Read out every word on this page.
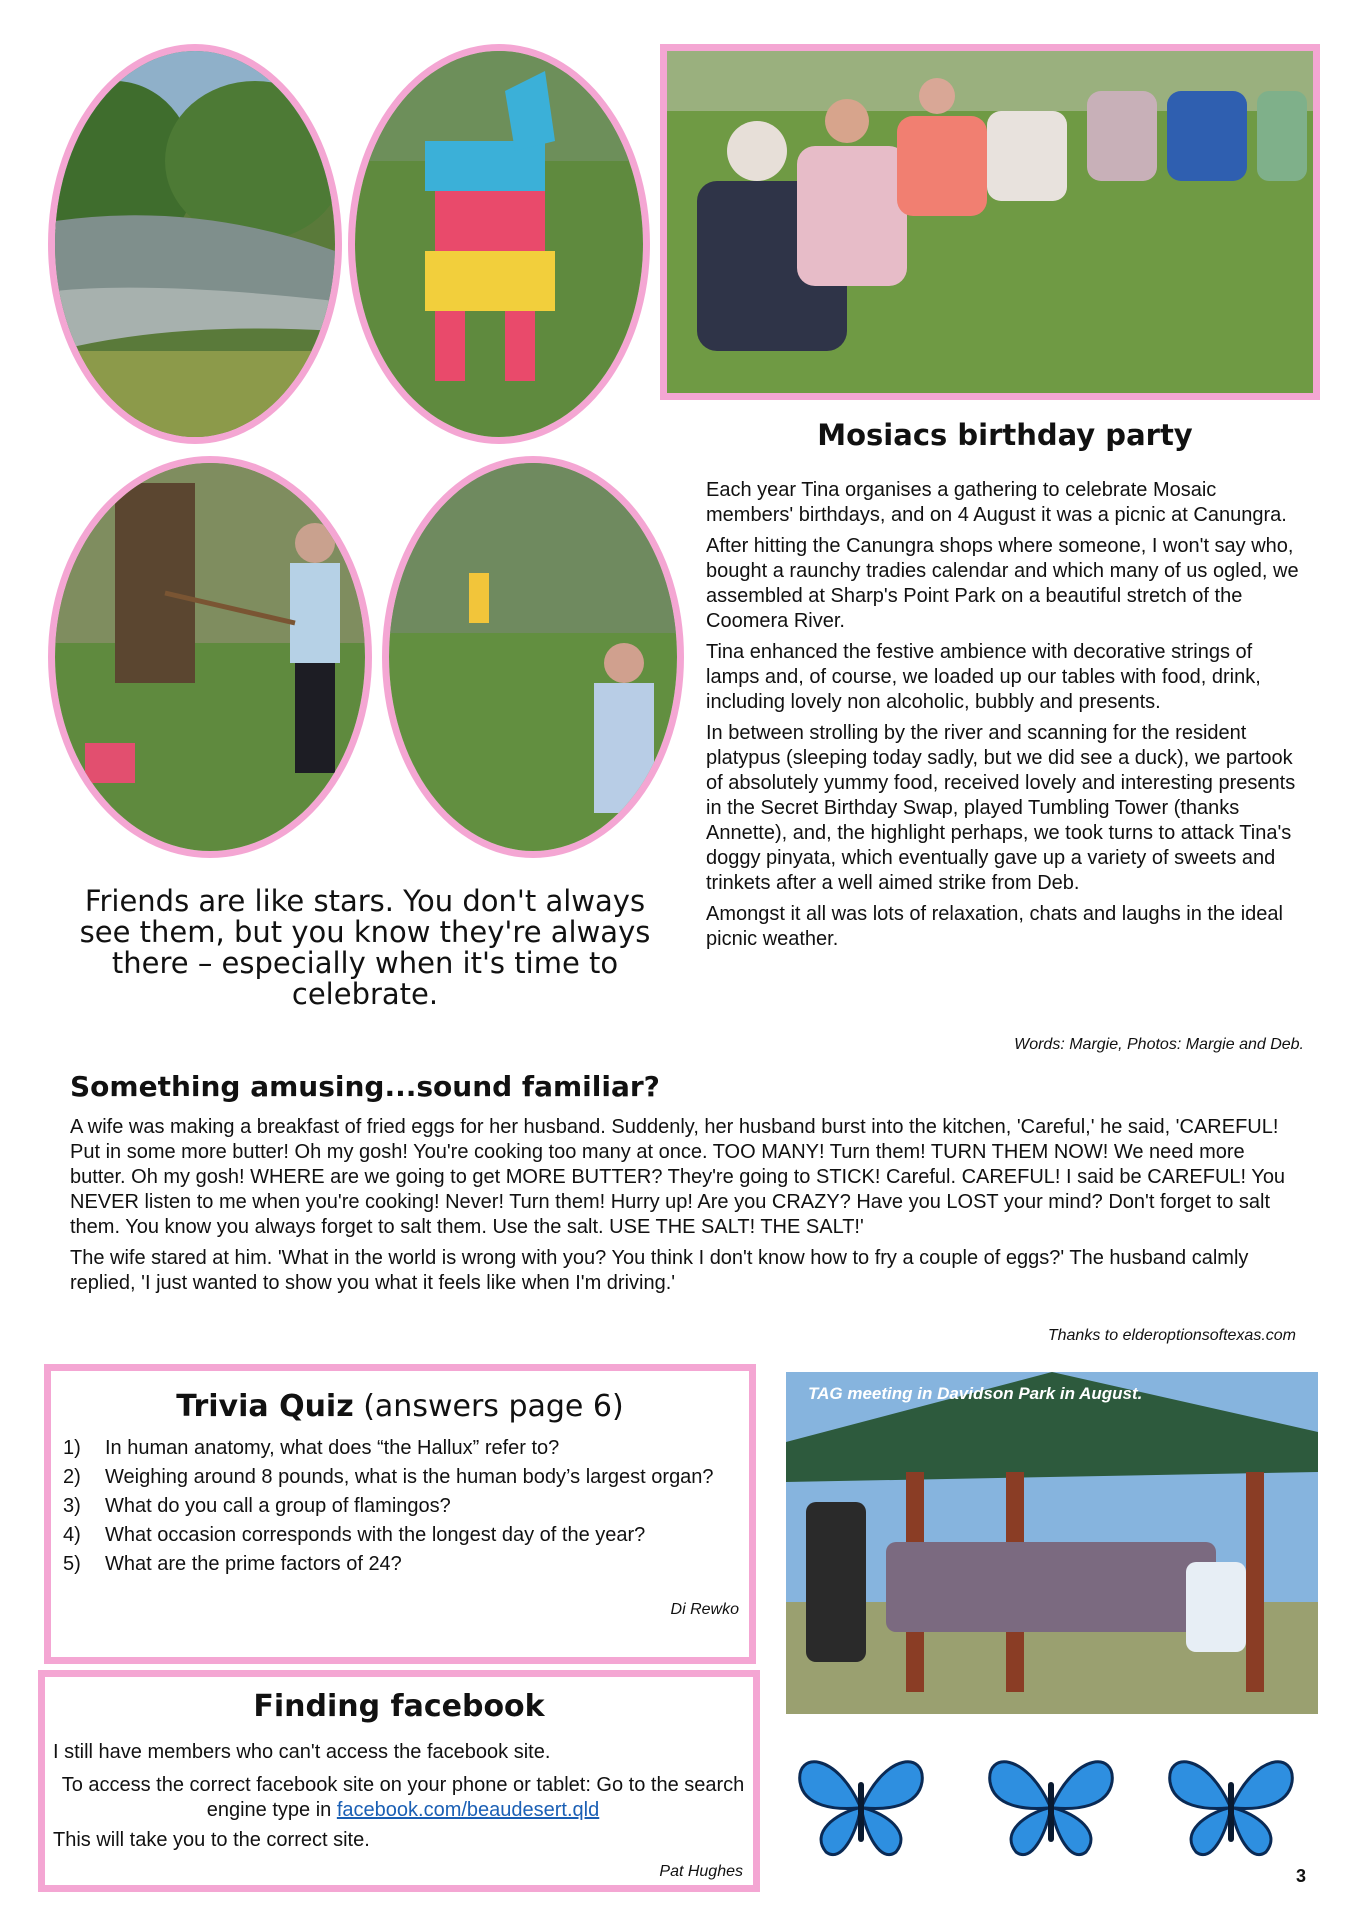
Mosiacs birthday party

Each year Tina organises a gathering to celebrate Mosaic members' birthdays, and on 4 August it was a picnic at Canungra.

After hitting the Canungra shops where someone, I won't say who, bought a raunchy tradies calendar and which many of us ogled, we assembled at Sharp's Point Park on a beautiful stretch of the Coomera River.

Tina enhanced the festive ambience with decorative strings of lamps and, of course, we loaded up our tables with food, drink, including lovely non alcoholic, bubbly and presents.

In between strolling by the river and scanning for the resident platypus (sleeping today sadly, but we did see a duck), we partook of absolutely yummy food, received lovely and interesting presents in the Secret Birthday Swap, played Tumbling Tower (thanks Annette), and, the highlight perhaps, we took turns to attack Tina's doggy pinyata, which eventually gave up a variety of sweets and trinkets after a well aimed strike from Deb.

Amongst it all was lots of relaxation, chats and laughs in the ideal picnic weather.

Words: Margie, Photos: Margie and Deb.
Friends are like stars. You don't always see them, but you know they're always there – especially when it's time to celebrate.
Something amusing...sound familiar?

A wife was making a breakfast of fried eggs for her husband. Suddenly, her husband burst into the kitchen, 'Careful,' he said, 'CAREFUL! Put in some more butter! Oh my gosh! You're cooking too many at once. TOO MANY! Turn them! TURN THEM NOW! We need more butter. Oh my gosh! WHERE are we going to get MORE BUTTER? They're going to STICK! Careful. CAREFUL! I said be CAREFUL! You NEVER listen to me when you're cooking! Never! Turn them! Hurry up! Are you CRAZY? Have you LOST your mind? Don't forget to salt them. You know you always forget to salt them. Use the salt. USE THE SALT! THE SALT!'

The wife stared at him. 'What in the world is wrong with you? You think I don't know how to fry a couple of eggs?' The husband calmly replied, 'I just wanted to show you what it feels like when I'm driving.'

Thanks to elderoptionsoftexas.com
Trivia Quiz (answers page 6)
1)	In human anatomy, what does “the Hallux” refer to?
2)	Weighing around 8 pounds, what is the human body’s largest organ?
3)	What do you call a group of flamingos?
4)	What occasion corresponds with the longest day of the year?
5)	What are the prime factors of 24?
Di Rewko
Finding facebook
I still have members who can't access the facebook site.
To access the correct facebook site on your phone or tablet: Go to the search engine type in facebook.com/beaudesert.qld
This will take you to the correct site.
Pat Hughes
TAG meeting in Davidson Park in August.
3
